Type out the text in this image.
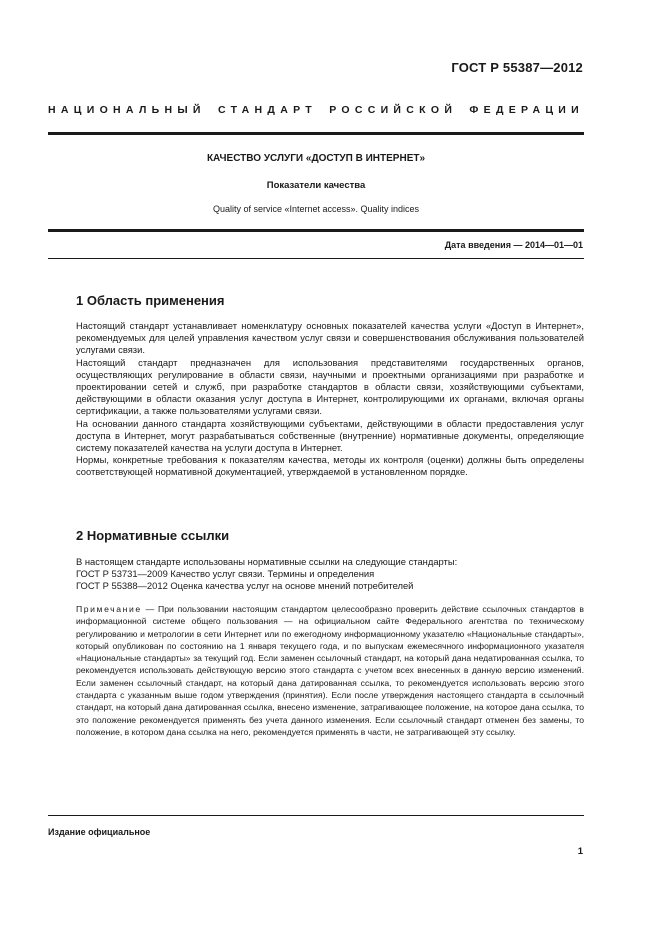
ГОСТ Р 55387—2012
НАЦИОНАЛЬНЫЙ СТАНДАРТ РОССИЙСКОЙ ФЕДЕРАЦИИ
КАЧЕСТВО УСЛУГИ «ДОСТУП В ИНТЕРНЕТ»
Показатели качества
Quality of service «Internet access». Quality indices
Дата введения — 2014—01—01
1 Область применения

Настоящий стандарт устанавливает номенклатуру основных показателей качества услуги «Доступ в Интернет», рекомендуемых для целей управления качеством услуг связи и совершенствования обслуживания пользователей услугами связи.

Настоящий стандарт предназначен для использования представителями государственных органов, осуществляющих регулирование в области связи, научными и проектными организациями при разработке и проектировании сетей и служб, при разработке стандартов в области связи, хозяйствующими субъектами, действующими в области оказания услуг доступа в Интернет, контролирующими их органами, включая органы сертификации, а также пользователями услугами связи.

На основании данного стандарта хозяйствующими субъектами, действующими в области предоставления услуг доступа в Интернет, могут разрабатываться собственные (внутренние) нормативные документы, определяющие систему показателей качества на услуги доступа в Интернет.

Нормы, конкретные требования к показателям качества, методы их контроля (оценки) должны быть определены соответствующей нормативной документацией, утверждаемой в установленном порядке.

2 Нормативные ссылки

В настоящем стандарте использованы нормативные ссылки на следующие стандарты:

ГОСТ Р 53731—2009 Качество услуг связи. Термины и определения

ГОСТ Р 55388—2012 Оценка качества услуг на основе мнений потребителей

Примечание — При пользовании настоящим стандартом целесообразно проверить действие ссылочных стандартов в информационной системе общего пользования — на официальном сайте Федерального агентства по техническому регулированию и метрологии в сети Интернет или по ежегодному информационному указателю «Национальные стандарты», который опубликован по состоянию на 1 января текущего года, и по выпускам ежемесячного информационного указателя «Национальные стандарты» за текущий год. Если заменен ссылочный стандарт, на который дана недатированная ссылка, то рекомендуется использовать действующую версию этого стандарта с учетом всех внесенных в данную версию изменений. Если заменен ссылочный стандарт, на который дана датированная ссылка, то рекомендуется использовать версию этого стандарта с указанным выше годом утверждения (принятия). Если после утверждения настоящего стандарта в ссылочный стандарт, на который дана датированная ссылка, внесено изменение, затрагивающее положение, на которое дана ссылка, то это положение рекомендуется применять без учета данного изменения. Если ссылочный стандарт отменен без замены, то положение, в котором дана ссылка на него, рекомендуется применять в части, не затрагивающей эту ссылку.

Издание официальное
1
